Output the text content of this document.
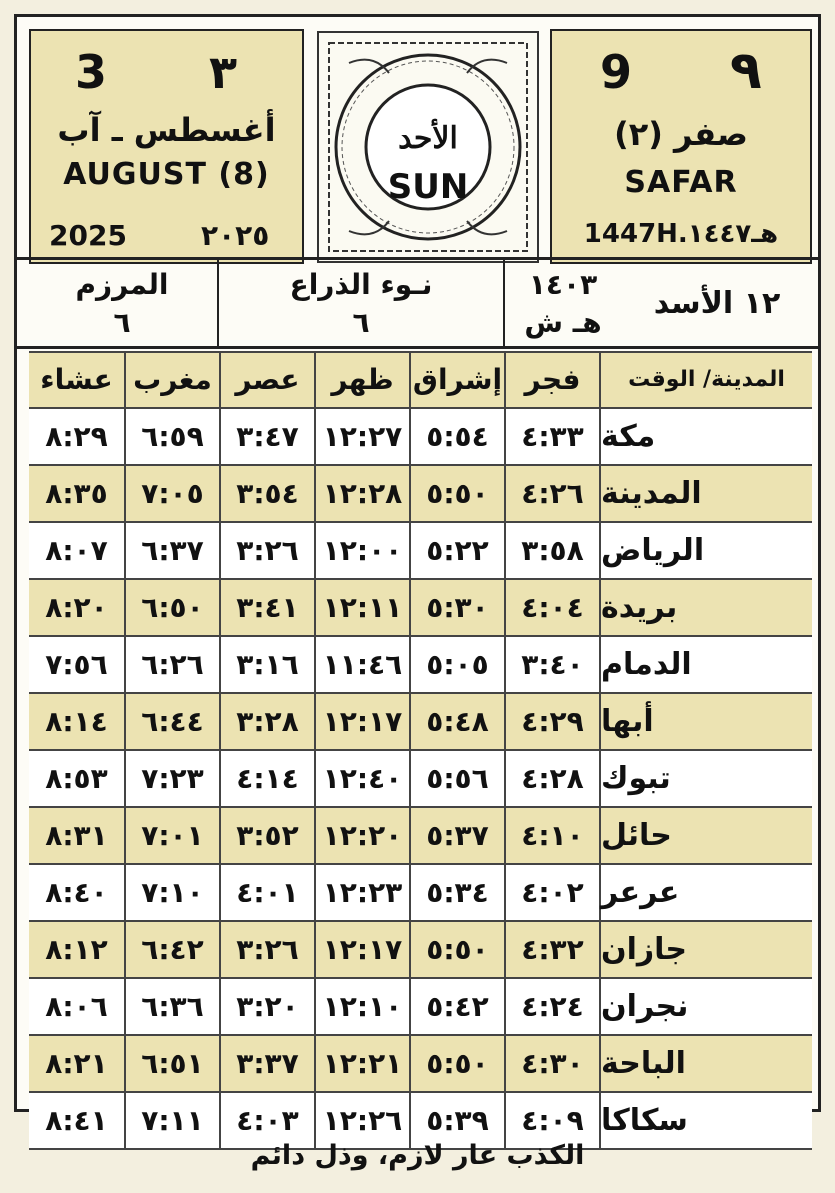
3 ٣
أغسطس ـ آب
AUGUST (8)
2025	٢٠٢٥
الأحد
SUN
9 ٩
صفر (٢)
SAFAR
1447H.هـ١٤٤٧
المرزم
٦
نـوء الذراع
٦
١٤٠٣
هـ ش
١٢ الأسد
عشاء مغرب عصر	ظهر إشراق فجر	المدينة/ الوقت
٨:٢٩	٦:٥٩	٣:٤٧ ١٢:٢٧ ٥:٥٤	٤:٣٣ مكة
٨:٣٥	٧:٠٥	٣:٥٤ ١٢:٢٨ ٥:٥٠	٤:٢٦ المدينة
٨:٠٧	٦:٣٧	٣:٢٦ ١٢:٠٠ ٥:٢٢	٣:٥٨ الرياض
٨:٢٠	٦:٥٠	٣:٤١ ١٢:١١ ٥:٣٠	٤:٠٤ بريدة
٧:٥٦	٦:٢٦	٣:١٦ ١١:٤٦ ٥:٠٥	٣:٤٠ الدمام
٨:١٤	٦:٤٤	٣:٢٨ ١٢:١٧ ٥:٤٨	٤:٢٩ أبها
٨:٥٣	٧:٢٣	٤:١٤ ١٢:٤٠ ٥:٥٦	٤:٢٨ تبوك
٨:٣١	٧:٠١	٣:٥٢ ١٢:٢٠ ٥:٣٧	٤:١٠ حائل
٨:٤٠	٧:١٠	٤:٠١ ١٢:٢٣ ٥:٣٤	٤:٠٢ عرعر
٨:١٢	٦:٤٢	٣:٢٦ ١٢:١٧ ٥:٥٠	٤:٣٢ جازان
٨:٠٦	٦:٣٦	٣:٢٠ ١٢:١٠ ٥:٤٢	٤:٢٤ نجران
٨:٢١	٦:٥١	٣:٣٧ ١٢:٢١ ٥:٥٠	٤:٣٠ الباحة
٨:٤١	٧:١١	٤:٠٣ ١٢:٢٦ ٥:٣٩	٤:٠٩ سكاكا
الكذب عار لازم، وذل دائم
